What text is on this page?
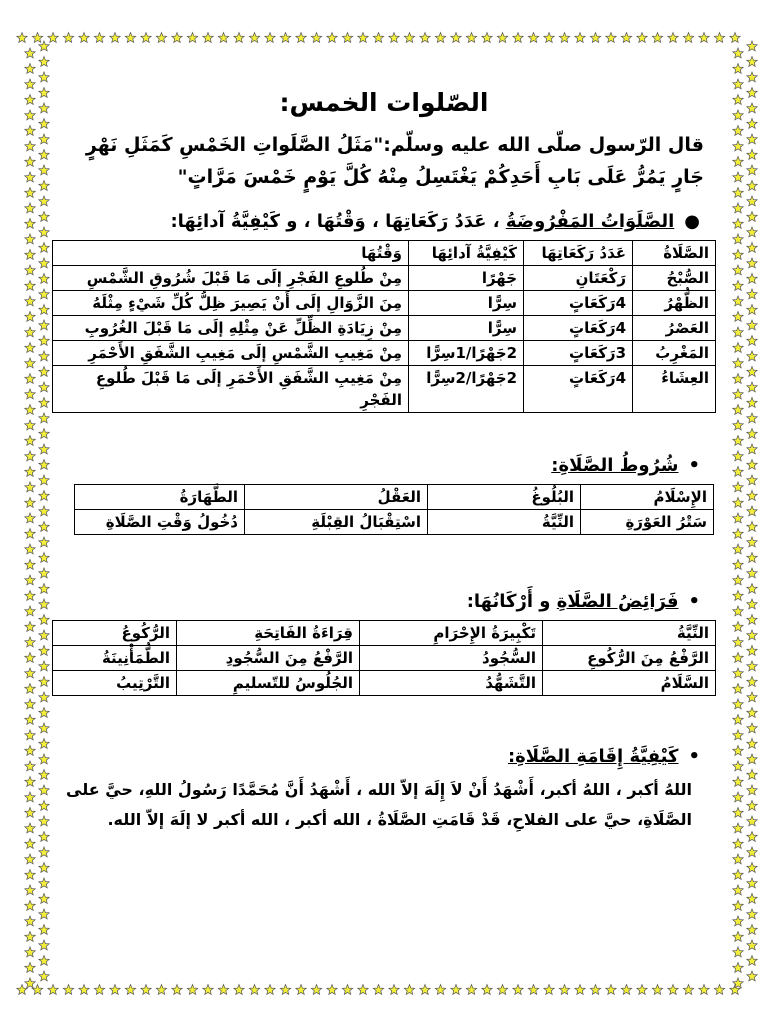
الصّلوات الخمس:
قال الرّسول صلّى الله عليه وسلّم:"مَثَلُ الصَّلَواتِ الخَمْسِ كَمَثَلِ نَهْرٍ جَارٍ يَمُرُّ عَلَى بَابِ أَحَدِكُمْ يَغْتَسِلُ مِنْهُ كُلَّ يَوْمٍ خَمْسَ مَرَّاتٍ"
●الصَّلَوَاتُ المَفْرُوضَةُ ، عَدَدُ رَكَعَاتِهَا ، وَقْتُهَا ، و كَيْفِيَّةُ آدائِهَا:
الصَّلَاةُ	عَدَدُ رَكَعَاتِهَا	كَيْفِيَّةُ آدائِهَا	وَقْتُهَا
الصُّبْحُ	رَكْعَتَانِ	جَهْرًا	مِنْ طُلوعِ الفَجْرِ إلَى مَا قَبْلَ شُرُوقِ الشَّمْسِ
الظُّهْرُ	4رَكَعَاتٍ	سِرًّا	مِنَ الزَّوَالِ إلَى أَنْ يَصِيرَ ظِلُّ كُلِّ شَيْءٍ مِثْلَهُ
العَصْرُ	4رَكَعَاتٍ	سِرًّا	مِنْ زِيَادَةِ الظِّلِّ عَنْ مِثْلِهِ إلَى مَا قَبْلَ الغُرُوبِ
المَغْرِبُ	3رَكَعَاتٍ	2جَهْرًا/1سِرًّا	مِنْ مَغِيبِ الشَّمْسِ إلَى مَغِيبِ الشَّفَقِ الأَحْمَرِ
العِشَاءُ	4رَكَعَاتٍ	2جَهْرًا/2سِرًّا	مِنْ مَغِيبِ الشَّفَقِ الأَحْمَرِ إلَى مَا قَبْلَ طُلوعِ الفَجْرِ
•شُرُوطُ الصَّلَاةِ:
الإِسْلَامُ	البُلُوغُ	العَقْلُ	الطَّهَارَةُ
سَتْرُ العَوْرَةِ	النِّيَّةُ	اسْتِقْبَالُ القِبْلَةِ	دُخُولُ وَقْتِ الصَّلَاةِ
•فَرَائِضُ الصَّلَاةِ و أَرْكَانُهَا:
النِّيَّةُ	تَكْبِيرَةُ الإِحْرَامِ	قِرَاءَةُ الفَاتِحَةِ	الرُّكُوعُ
الرَّفْعُ مِنَ الرُّكُوعِ	السُّجُودُ	الرَّفْعُ مِنَ السُّجُودِ	الطُّمَأْنِينَةُ
السَّلَامُ	التَّشَهُّدُ	الجُلُوسُ للتّسليمِ	التَّرْتِيبُ
•كَيْفِيَّةُ إِقَامَةِ الصَّلَاةِ:
اللهُ أكبر ، اللهُ أكبر، أَشْهَدُ أَنْ لاَ إِلَهَ إلاّ الله ، أَشْهَدُ أَنَّ مُحَمَّدًا رَسُولُ اللهِ، حيَّ على الصَّلَاةِ، حيَّ على الفلاحِ، قَدْ قَامَتِ الصَّلَاةُ ، الله أكبر ، الله أكبر لا إلَهَ إلاّ الله.
